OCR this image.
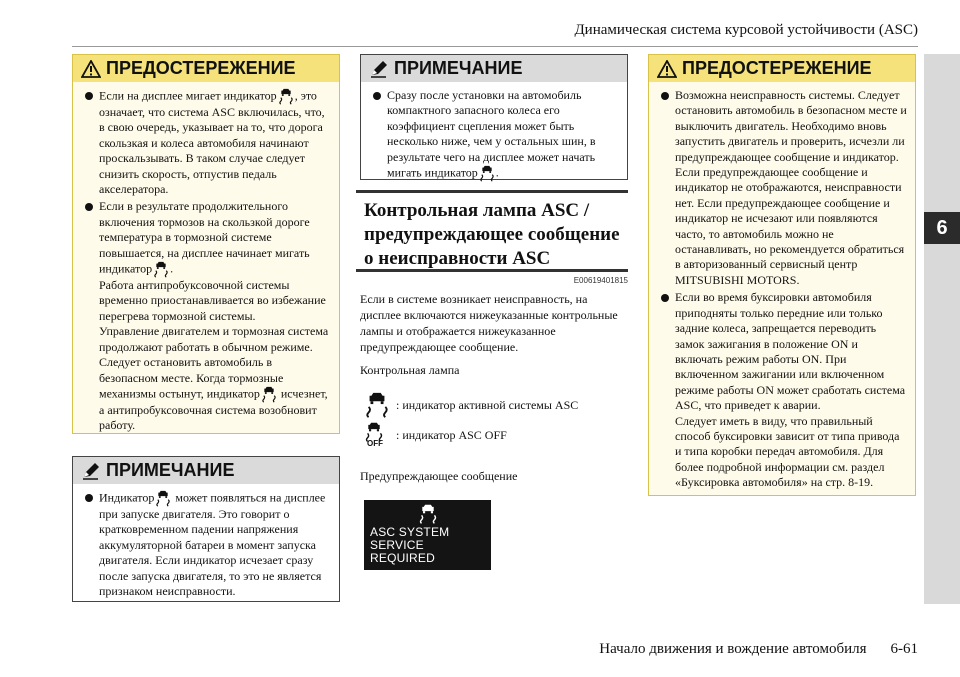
Динамическая система курсовой устойчивости (ASC)
6
ПРЕДОСТЕРЕЖЕНИЕ
Если на дисплее мигает индикатор , это означает, что система ASC включилась, что, в свою очередь, указывает на то, что дорога скользкая и колеса автомобиля начинают проскальзывать. В таком случае следует снизить скорость, отпустив педаль акселератора.
Если в результате продолжительного включения тормозов на скользкой дороге температура в тормозной системе повышается, на дисплее начинает мигать индикатор .
Работа антипробуксовочной системы временно приостанавливается во избежание перегрева тормозной системы.
Управление двигателем и тормозная система продолжают работать в обычном режиме. Следует остановить автомобиль в безопасном месте. Когда тормозные механизмы остынут, индикатор исчезнет, а антипробуксовочная система возобновит работу.
ПРИМЕЧАНИЕ
Индикатор может появляться на дисплее при запуске двигателя. Это говорит о кратковременном падении напряжения аккумуляторной батареи в момент запуска двигателя. Если индикатор исчезает сразу после запуска двигателя, то это не является признаком неисправности.
ПРИМЕЧАНИЕ
Сразу после установки на автомобиль компактного запасного колеса его коэффициент сцепления может быть несколько ниже, чем у остальных шин, в результате чего на дисплее может начать мигать индикатор .
Контрольная лампа ASC / предупреждающее сообщение о неисправности ASC
E00619401815
Если в системе возникает неисправность, на дисплее включаются нижеуказанные контрольные лампы и отображается нижеуказанное предупреждающее сообщение.
Контрольная лампа
: индикатор активной системы ASC
OFF
: индикатор ASC OFF
Предупреждающее сообщение
ASC SYSTEM
SERVICE REQUIRED
ПРЕДОСТЕРЕЖЕНИЕ
Возможна неисправность системы. Следует остановить автомобиль в безопасном месте и выключить двигатель. Необходимо вновь запустить двигатель и проверить, исчезли ли предупреждающее сообщение и индикатор. Если предупреждающее сообщение и индикатор не отображаются, неисправности нет. Если предупреждающее сообщение и индикатор не исчезают или появляются часто, то автомобиль можно не останавливать, но рекомендуется обратиться в авторизованный сервисный центр MITSUBISHI MOTORS.
Если во время буксировки автомобиля приподняты только передние или только задние колеса, запрещается переводить замок зажигания в положение ON и включать режим работы ON. При включенном зажигании или включенном режиме работы ON может сработать система ASC, что приведет к аварии.
Следует иметь в виду, что правильный способ буксировки зависит от типа привода и типа коробки передач автомобиля. Для более подробной информации см. раздел «Буксировка автомобиля» на стр. 8-19.
Начало движения и вождение автомобиля 6-61
